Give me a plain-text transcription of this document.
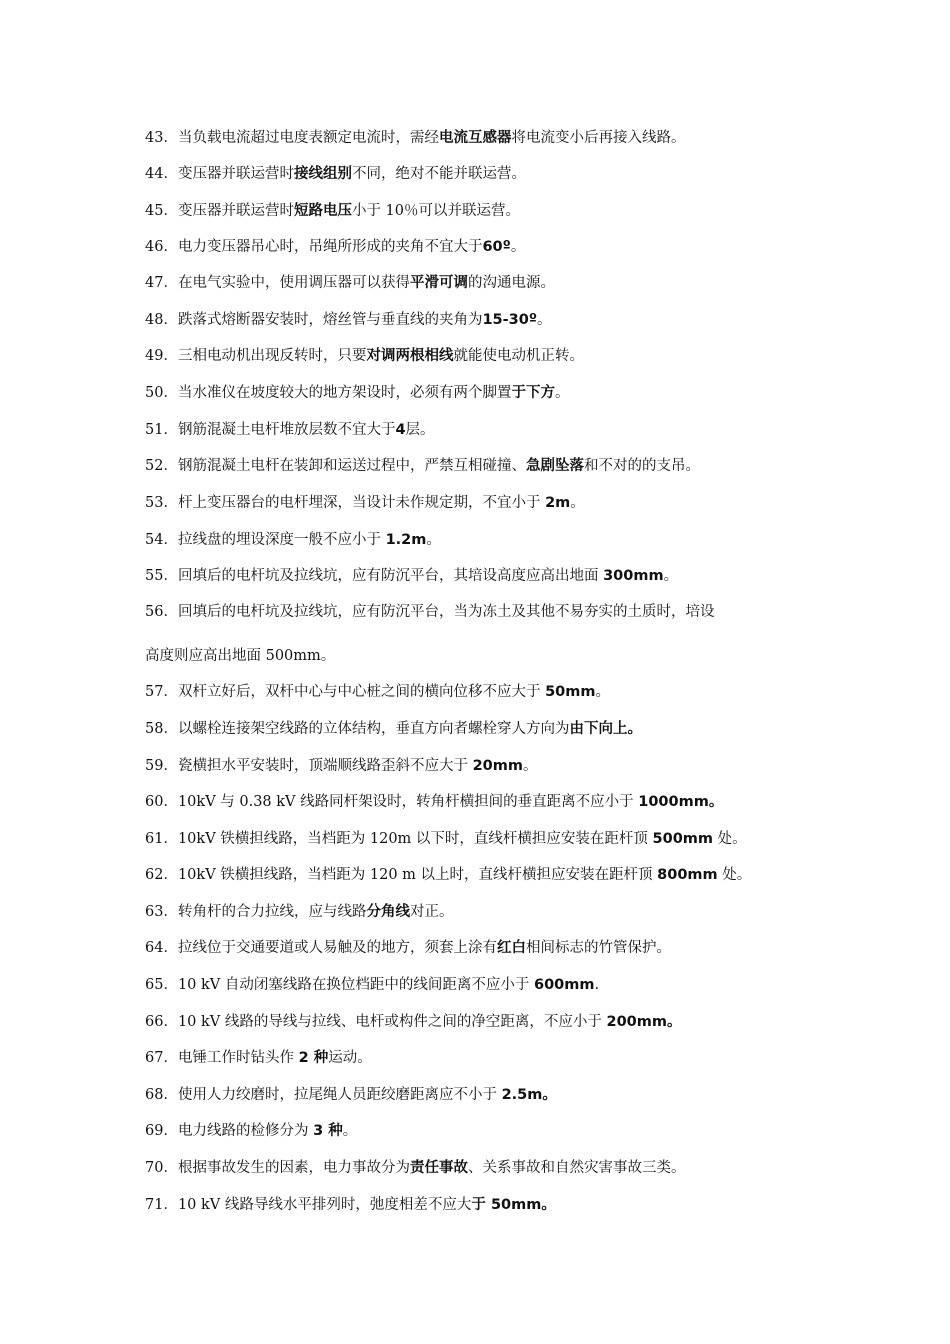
43．当负载电流超过电度表额定电流时，需经电流互感器将电流变小后再接入线路。
44．变压器并联运营时接线组别不同，绝对不能并联运营。
45．变压器并联运营时短路电压小于 10％可以并联运营。
46．电力变压器吊心时，吊绳所形成的夹角不宜大于60º。
47．在电气实验中，使用调压器可以获得平滑可调的沟通电源。
48．跌落式熔断器安装时，熔丝管与垂直线的夹角为15-30º。
49．三相电动机出现反转时，只要对调两根相线就能使电动机正转。
50．当水准仪在坡度较大的地方架设时，必须有两个脚置于下方。
51．钢筋混凝土电杆堆放层数不宜大于4层。
52．钢筋混凝土电杆在装卸和运送过程中，严禁互相碰撞、急剧坠落和不对的的支吊。
53．杆上变压器台的电杆埋深，当设计未作规定期，不宜小于 2m。
54．拉线盘的埋设深度一般不应小于 1.2m。
55．回填后的电杆坑及拉线坑，应有防沉平台，其培设高度应高出地面 300mm。
56．回填后的电杆坑及拉线坑，应有防沉平台，当为冻土及其他不易夯实的土质时，培设
高度则应高出地面 500mm。
57．双杆立好后，双杆中心与中心桩之间的横向位移不应大于 50mm。
58．以螺栓连接架空线路的立体结构，垂直方向者螺栓穿人方向为由下向上。
59．瓷横担水平安装时，顶端顺线路歪斜不应大于 20mm。
60．10kV 与 0.38 kV 线路同杆架设时，转角杆横担间的垂直距离不应小于 1000mm。
61．10kV 铁横担线路，当档距为 120m 以下时，直线杆横担应安装在距杆顶 500mm 处。
62．10kV 铁横担线路，当档距为 120 m 以上时，直线杆横担应安装在距杆顶 800mm 处。
63．转角杆的合力拉线，应与线路分角线对正。
64．拉线位于交通要道或人易触及的地方，须套上涂有红白相间标志的竹管保护。
65．10 kV 自动闭塞线路在换位档距中的线间距离不应小于 600mm.
66．10 kV 线路的导线与拉线、电杆或构件之间的净空距离，不应小于 200mm。
67．电锤工作时钻头作 2 种运动。
68．使用人力绞磨时，拉尾绳人员距绞磨距离应不小于 2.5m。
69．电力线路的检修分为 3 种。
70．根据事故发生的因素，电力事故分为责任事故、关系事故和自然灾害事故三类。
71．10 kV 线路导线水平排列时，弛度相差不应大于 50mm。
